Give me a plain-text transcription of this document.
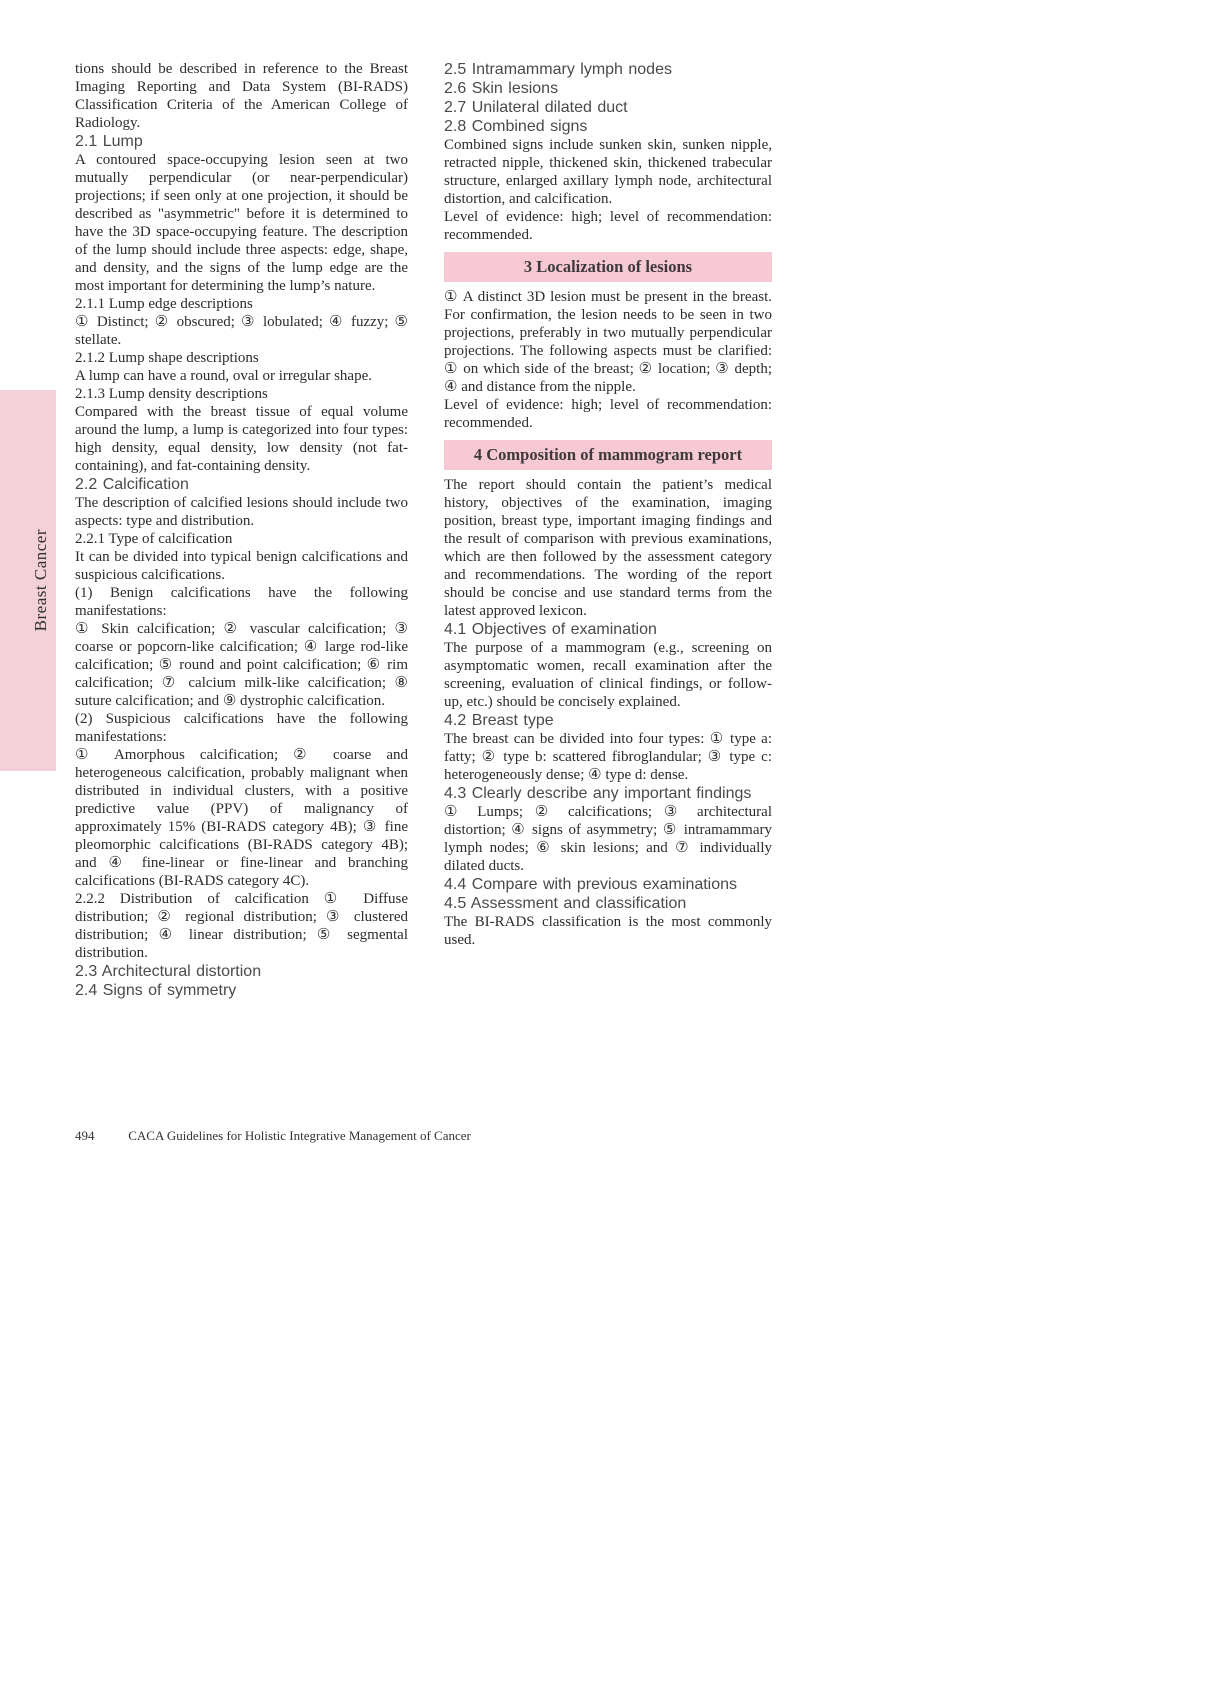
Breast Cancer
tions should be described in reference to the Breast Imaging Reporting and Data System (BI-RADS) Classification Criteria of the American College of Radiology.
2.1 Lump
A contoured space-occupying lesion seen at two mutually perpendicular (or near-perpendicular) projections; if seen only at one projection, it should be described as "asymmetric" before it is determined to have the 3D space-occupying feature. The description of the lump should include three aspects: edge, shape, and density, and the signs of the lump edge are the most important for determining the lump’s nature.
2.1.1 Lump edge descriptions
① Distinct; ② obscured; ③ lobulated; ④ fuzzy; ⑤ stellate.
2.1.2 Lump shape descriptions
A lump can have a round, oval or irregular shape.
2.1.3 Lump density descriptions
Compared with the breast tissue of equal volume around the lump, a lump is categorized into four types: high density, equal density, low density (not fat-containing), and fat-containing density.
2.2 Calcification
The description of calcified lesions should include two aspects: type and distribution.
2.2.1 Type of calcification
It can be divided into typical benign calcifications and suspicious calcifications.
(1) Benign calcifications have the following manifestations:
① Skin calcification; ② vascular calcification; ③ coarse or popcorn-like calcification; ④ large rod-like calcification; ⑤ round and point calcification; ⑥ rim calcification; ⑦ calcium milk-like calcification; ⑧ suture calcification; and ⑨ dystrophic calcification.
(2) Suspicious calcifications have the following manifestations:
① Amorphous calcification; ② coarse and heterogeneous calcification, probably malignant when distributed in individual clusters, with a positive predictive value (PPV) of malignancy of approximately 15% (BI-RADS category 4B); ③ fine pleomorphic calcifications (BI-RADS category 4B); and ④ fine-linear or fine-linear and branching calcifications (BI-RADS category 4C).
2.2.2 Distribution of calcification ① Diffuse distribution; ② regional distribution; ③ clustered distribution; ④ linear distribution; ⑤ segmental distribution.
2.3 Architectural distortion
2.4 Signs of symmetry
2.5 Intramammary lymph nodes
2.6 Skin lesions
2.7 Unilateral dilated duct
2.8 Combined signs
Combined signs include sunken skin, sunken nipple, retracted nipple, thickened skin, thickened trabecular structure, enlarged axillary lymph node, architectural distortion, and calcification.
Level of evidence: high; level of recommendation: recommended.
3 Localization of lesions
① A distinct 3D lesion must be present in the breast. For confirmation, the lesion needs to be seen in two projections, preferably in two mutually perpendicular projections. The following aspects must be clarified: ① on which side of the breast; ② location; ③ depth; ④ and distance from the nipple.
Level of evidence: high; level of recommendation: recommended.
4 Composition of mammogram report
The report should contain the patient’s medical history, objectives of the examination, imaging position, breast type, important imaging findings and the result of comparison with previous examinations, which are then followed by the assessment category and recommendations. The wording of the report should be concise and use standard terms from the latest approved lexicon.
4.1 Objectives of examination
The purpose of a mammogram (e.g., screening on asymptomatic women, recall examination after the screening, evaluation of clinical findings, or follow-up, etc.) should be concisely explained.
4.2 Breast type
The breast can be divided into four types: ① type a: fatty; ② type b: scattered fibroglandular; ③ type c: heterogeneously dense; ④ type d: dense.
4.3 Clearly describe any important findings
① Lumps; ② calcifications; ③ architectural distortion; ④ signs of asymmetry; ⑤ intramammary lymph nodes; ⑥ skin lesions; and ⑦ individually dilated ducts.
4.4 Compare with previous examinations
4.5 Assessment and classification
The BI-RADS classification is the most commonly used.
494	CACA Guidelines for Holistic Integrative Management of Cancer
